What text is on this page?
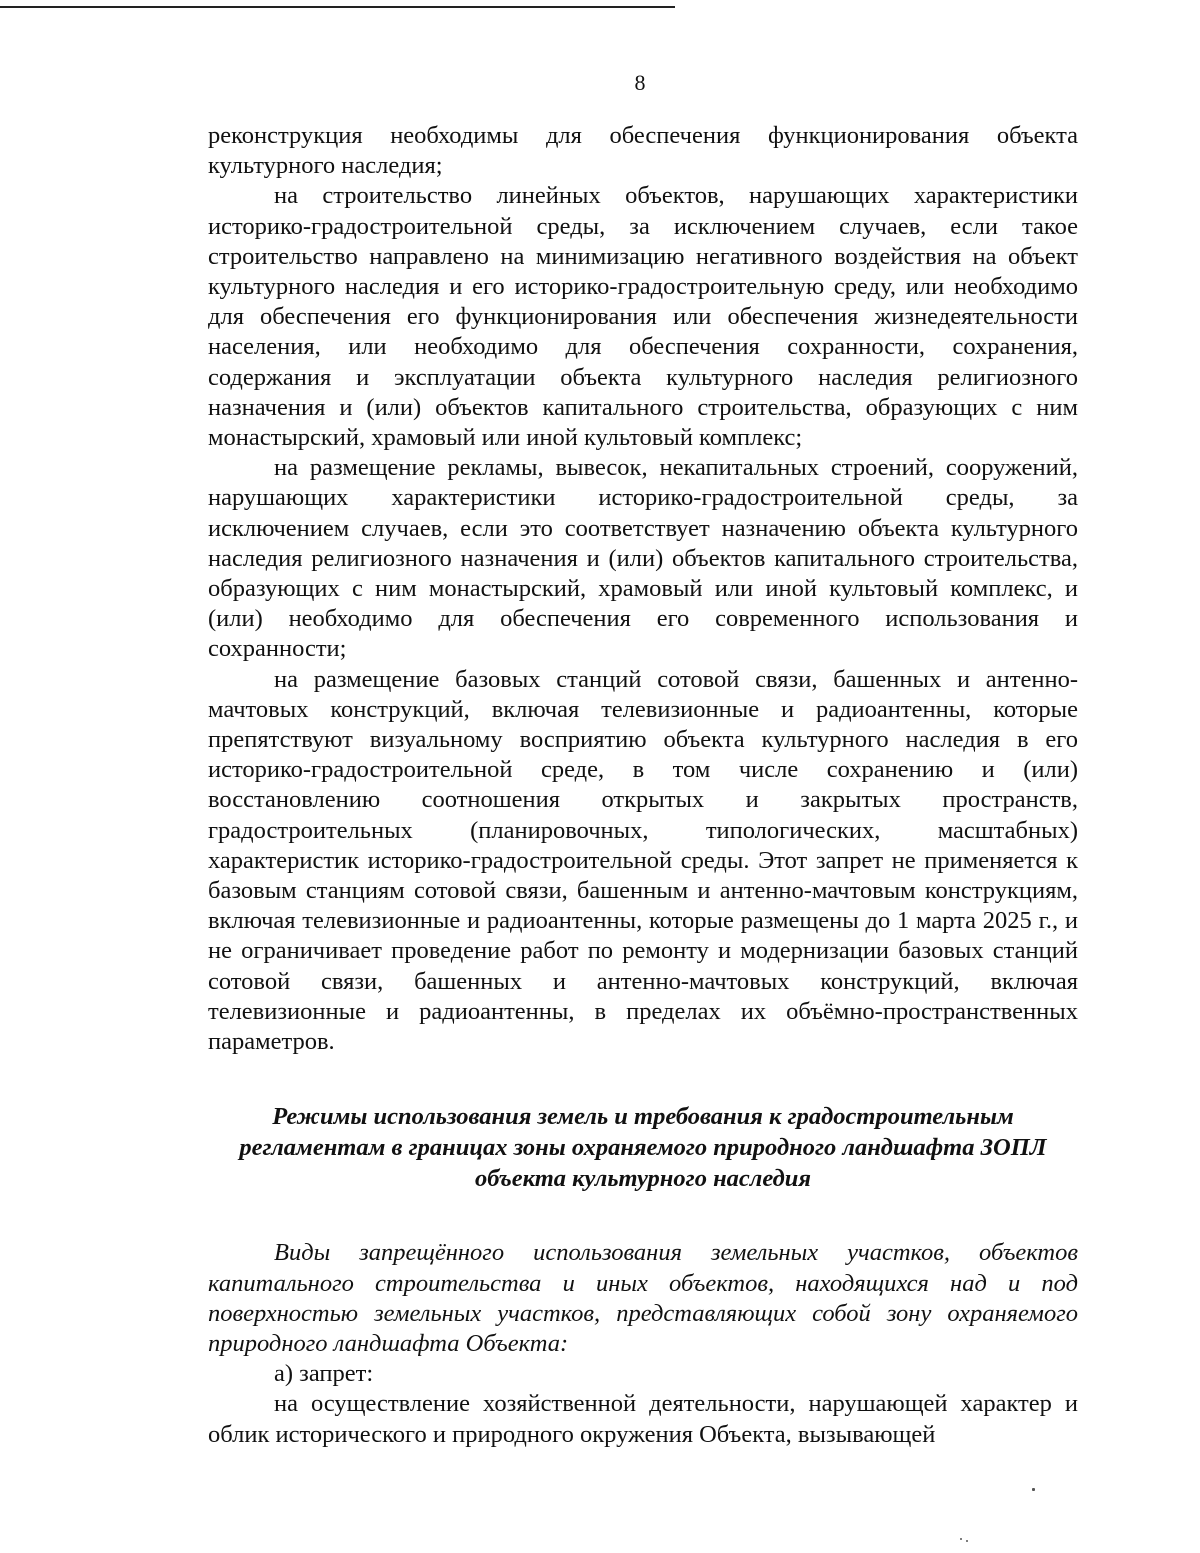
8

реконструкция необходимы для обеспечения функционирования объекта культурного наследия;

на строительство линейных объектов, нарушающих характеристики историко-градостроительной среды, за исключением случаев, если такое строительство направлено на минимизацию негативного воздействия на объект культурного наследия и его историко-градостроительную среду, или необходимо для обеспечения его функционирования или обеспечения жизнедеятельности населения, или необходимо для обеспечения сохранности, сохранения, содержания и эксплуатации объекта культурного наследия религиозного назначения и (или) объектов капитального строительства, образующих с ним монастырский, храмовый или иной культовый комплекс;

на размещение рекламы, вывесок, некапитальных строений, сооружений, нарушающих характеристики историко-градостроительной среды, за исключением случаев, если это соответствует назначению объекта культурного наследия религиозного назначения и (или) объектов капитального строительства, образующих с ним монастырский, храмовый или иной культовый комплекс, и (или) необходимо для обеспечения его современного использования и сохранности;

на размещение базовых станций сотовой связи, башенных и антенно-мачтовых конструкций, включая телевизионные и радиоантенны, которые препятствуют визуальному восприятию объекта культурного наследия в его историко-градостроительной среде, в том числе сохранению и (или) восстановлению соотношения открытых и закрытых пространств, градостроительных (планировочных, типологических, масштабных) характеристик историко-градостроительной среды. Этот запрет не применяется к базовым станциям сотовой связи, башенным и антенно-мачтовым конструкциям, включая телевизионные и радиоантенны, которые размещены до 1 марта 2025 г., и не ограничивает проведение работ по ремонту и модернизации базовых станций сотовой связи, башенных и антенно-мачтовых конструкций, включая телевизионные и радиоантенны, в пределах их объёмно-пространственных параметров.

Режимы использования земель и требования к градостроительным
регламентам в границах зоны охраняемого природного ландшафта ЗОПЛ
объекта культурного наследия

Виды запрещённого использования земельных участков, объектов капитального строительства и иных объектов, находящихся над и под поверхностью земельных участков, представляющих собой зону охраняемого природного ландшафта Объекта:

а) запрет:

на осуществление хозяйственной деятельности, нарушающей характер и облик исторического и природного окружения Объекта, вызывающей
